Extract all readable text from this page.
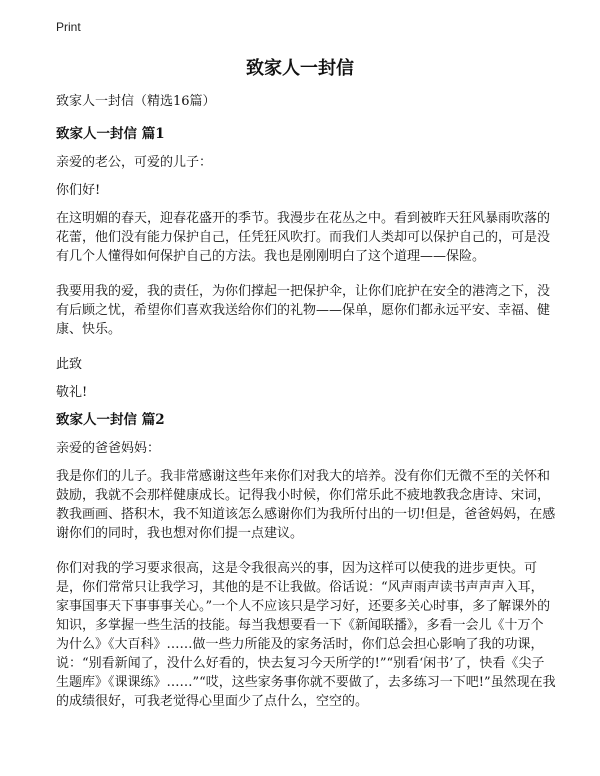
Print
致家人一封信

致家人一封信（精选16篇）

致家人一封信 篇1

亲爱的老公，可爱的儿子：

你们好!

在这明媚的春天，迎春花盛开的季节。我漫步在花丛之中。看到被昨天狂风暴雨吹落的花蕾，他们没有能力保护自己，任凭狂风吹打。而我们人类却可以保护自己的，可是没有几个人懂得如何保护自己的方法。我也是刚刚明白了这个道理——保险。

我要用我的爱，我的责任，为你们撑起一把保护伞，让你们庇护在安全的港湾之下，没有后顾之忧，希望你们喜欢我送给你们的礼物——保单，愿你们都永远平安、幸福、健康、快乐。

此致

敬礼!

致家人一封信 篇2

亲爱的爸爸妈妈：

我是你们的儿子。我非常感谢这些年来你们对我大的培养。没有你们无微不至的关怀和鼓励，我就不会那样健康成长。记得我小时候，你们常乐此不疲地教我念唐诗、宋词，教我画画、搭积木，我不知道该怎么感谢你们为我所付出的一切!但是，爸爸妈妈，在感谢你们的同时，我也想对你们提一点建议。

你们对我的学习要求很高，这是令我很高兴的事，因为这样可以使我的进步更快。可是，你们常常只让我学习，其他的是不让我做。俗话说：“风声雨声读书声声声入耳，家事国事天下事事事关心。”一个人不应该只是学习好，还要多关心时事，多了解课外的知识，多掌握一些生活的技能。每当我想要看一下《新闻联播》，多看一会儿《十万个为什么》《大百科》……做一些力所能及的家务活时，你们总会担心影响了我的功课，说：“别看新闻了，没什么好看的，快去复习今天所学的!”“别看‘闲书’了，快看《尖子生题库》《课课练》……”“哎，这些家务事你就不要做了，去多练习一下吧!”虽然现在我的成绩很好，可我老觉得心里面少了点什么，空空的。
